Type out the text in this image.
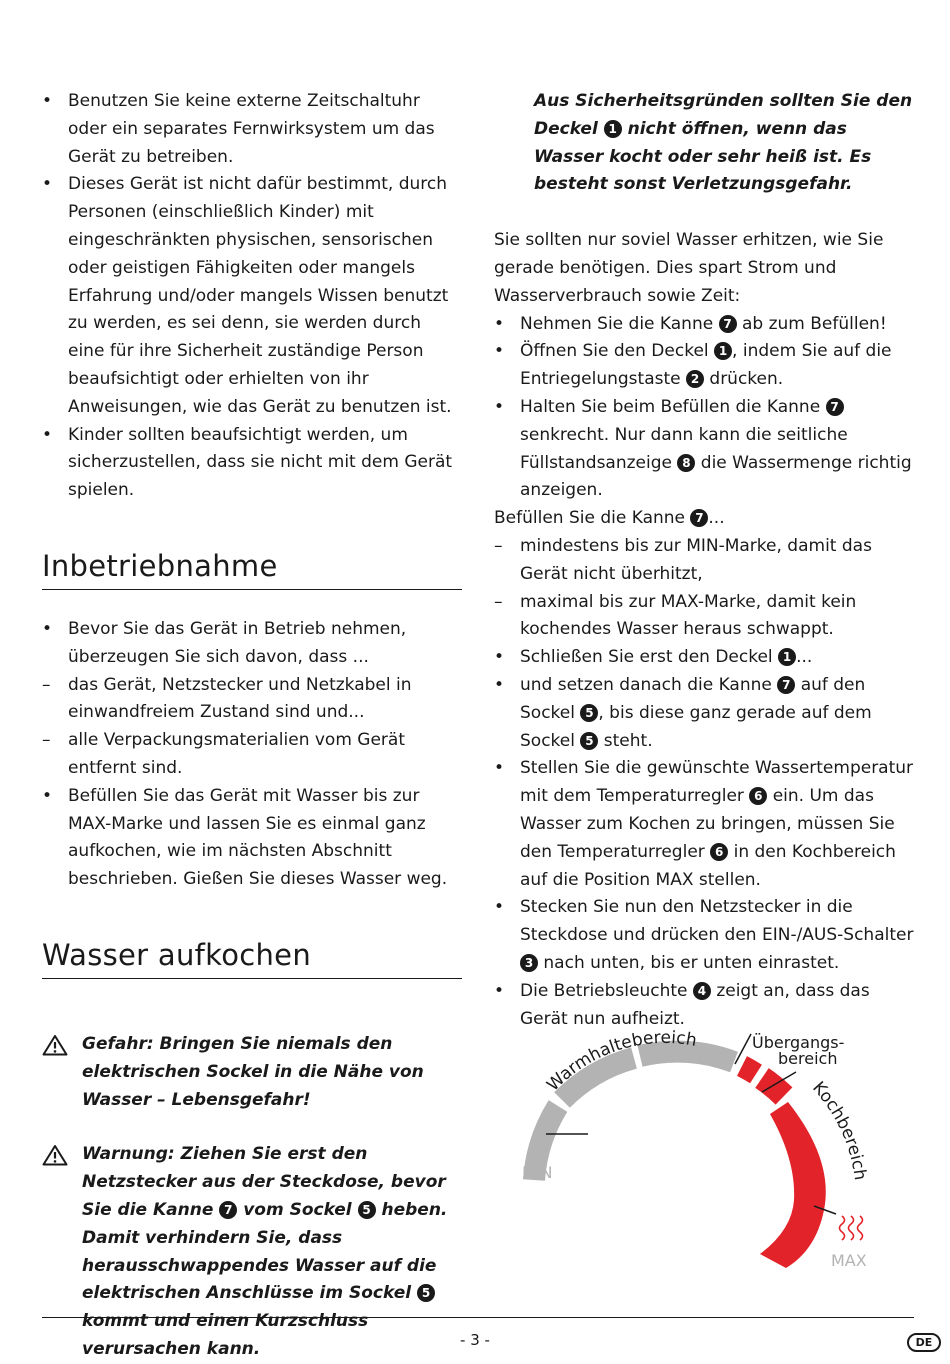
• Benutzen Sie keine externe Zeitschaltuhr oder ein separates Fernwirksystem um das Gerät zu betreiben.
• Dieses Gerät ist nicht dafür bestimmt, durch Personen (einschließlich Kinder) mit eingeschränkten physischen, sensorischen oder geistigen Fähigkeiten oder mangels Erfahrung und/oder mangels Wissen benutzt zu werden, es sei denn, sie werden durch eine für ihre Sicherheit zuständige Person beaufsichtigt oder erhielten von ihr Anweisungen, wie das Gerät zu benutzen ist.
• Kinder sollten beaufsichtigt werden, um sicherzustellen, dass sie nicht mit dem Gerät spielen.
Inbetriebnahme
• Bevor Sie das Gerät in Betrieb nehmen, überzeugen Sie sich davon, dass ...
– das Gerät, Netzstecker und Netzkabel in einwandfreiem Zustand sind und...
– alle Verpackungsmaterialien vom Gerät entfernt sind.
• Befüllen Sie das Gerät mit Wasser bis zur MAX-Marke und lassen Sie es einmal ganz aufkochen, wie im nächsten Abschnitt beschrieben. Gießen Sie dieses Wasser weg.
Wasser aufkochen

Gefahr: Bringen Sie niemals den elektrischen Sockel in die Nähe von Wasser – Lebensgefahr!

Warnung: Ziehen Sie erst den Netzstecker aus der Steckdose, bevor Sie die Kanne 7 vom Sockel 5 heben. Damit verhindern Sie, dass herausschwappendes Wasser auf die elektrischen Anschlüsse im Sockel 5 kommt und einen Kurzschluss verursachen kann.

Aus Sicherheitsgründen sollten Sie den Deckel 1 nicht öffnen, wenn das Wasser kocht oder sehr heiß ist. Es besteht sonst Verletzungsgefahr.

Sie sollten nur soviel Wasser erhitzen, wie Sie gerade benötigen. Dies spart Strom und Wasserverbrauch sowie Zeit:

• Nehmen Sie die Kanne 7 ab zum Befüllen!
• Öffnen Sie den Deckel 1 , indem Sie auf die Entriegelungstaste 2 drücken.
• Halten Sie beim Befüllen die Kanne 7 senkrecht. Nur dann kann die seitliche Füllstandsanzeige 8 die Wassermenge richtig anzeigen.

Befüllen Sie die Kanne 7 ...

– mindestens bis zur MIN-Marke, damit das Gerät nicht überhitzt,
– maximal bis zur MAX-Marke, damit kein kochendes Wasser heraus schwappt.
• Schließen Sie erst den Deckel 1 ...
• und setzen danach die Kanne 7 auf den Sockel 5 , bis diese ganz gerade auf dem Sockel 5 steht.
• Stellen Sie die gewünschte Wassertemperatur mit dem Temperaturregler 6 ein. Um das Wasser zum Kochen zu bringen, müssen Sie den Temperaturregler 6 in den Kochbereich auf die Position MAX stellen.
• Stecken Sie nun den Netzstecker in die Steckdose und drücken den EIN-/AUS-Schalter 3 nach unten, bis er unten einrastet.
• Die Betriebsleuchte 4 zeigt an, dass das Gerät nun aufheizt.
Warmhaltebereich	Übergangs-
bereich
Kochbereich
MIN
MAX
- 3 -	DE
